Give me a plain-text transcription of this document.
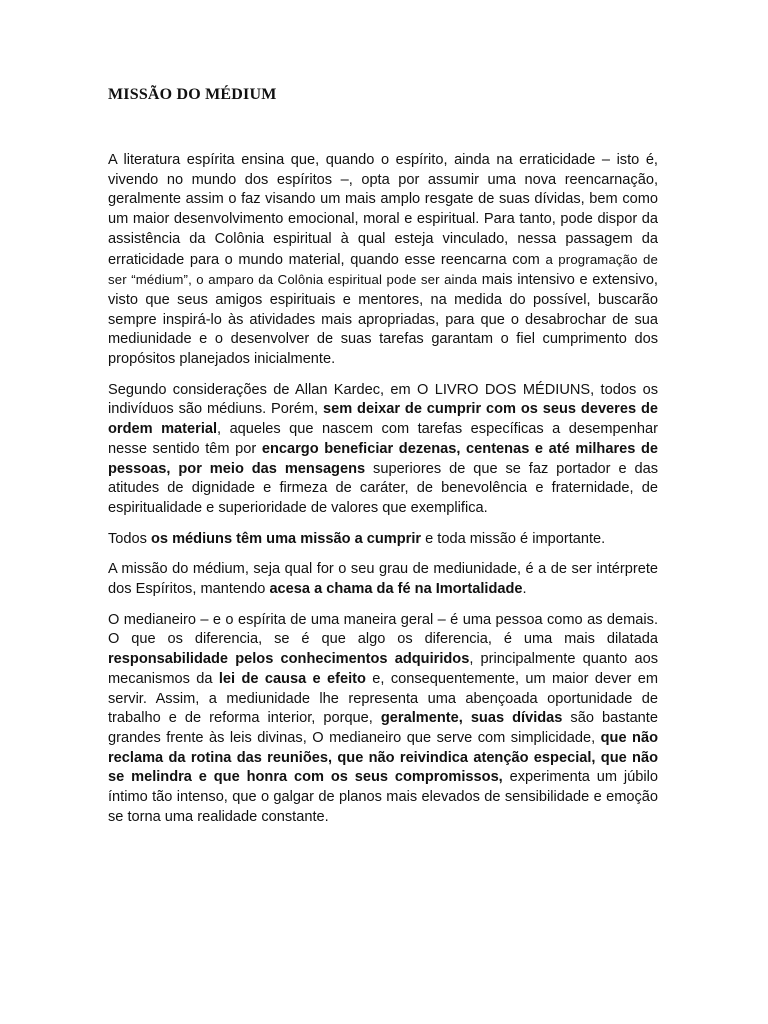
MISSÃO DO MÉDIUM

A literatura espírita ensina que, quando o espírito, ainda na erraticidade – isto é, vivendo no mundo dos espíritos –, opta por assumir uma nova reencarnação, geralmente assim o faz visando um mais amplo resgate de suas dívidas, bem como um maior desenvolvimento emocional, moral e espiritual. Para tanto, pode dispor da assistência da Colônia espiritual à qual esteja vinculado, nessa passagem da erraticidade para o mundo material, quando esse reencarna com a programação de ser “médium”, o amparo da Colônia espiritual pode ser ainda mais intensivo e extensivo, visto que seus amigos espirituais e mentores, na medida do possível, buscarão sempre inspirá-lo às atividades mais apropriadas, para que o desabrochar de sua mediunidade e o desenvolver de suas tarefas garantam o fiel cumprimento dos propósitos planejados inicialmente.

Segundo considerações de Allan Kardec, em O LIVRO DOS MÉDIUNS, todos os indivíduos são médiuns. Porém, sem deixar de cumprir com os seus deveres de ordem material, aqueles que nascem com tarefas específicas a desempenhar nesse sentido têm por encargo beneficiar dezenas, centenas e até milhares de pessoas, por meio das mensagens superiores de que se faz portador e das atitudes de dignidade e firmeza de caráter, de benevolência e fraternidade, de espiritualidade e superioridade de valores que exemplifica.

Todos os médiuns têm uma missão a cumprir e toda missão é importante.

A missão do médium, seja qual for o seu grau de mediunidade, é a de ser intérprete dos Espíritos, mantendo acesa a chama da fé na Imortalidade.

O medianeiro – e o espírita de uma maneira geral – é uma pessoa como as demais. O que os diferencia, se é que algo os diferencia, é uma mais dilatada responsabilidade pelos conhecimentos adquiridos, principalmente quanto aos mecanismos da lei de causa e efeito e, consequentemente, um maior dever em servir. Assim, a mediunidade lhe representa uma abençoada oportunidade de trabalho e de reforma interior, porque, geralmente, suas dívidas são bastante grandes frente às leis divinas, O medianeiro que serve com simplicidade, que não reclama da rotina das reuniões, que não reivindica atenção especial, que não se melindra e que honra com os seus compromissos, experimenta um júbilo íntimo tão intenso, que o galgar de planos mais elevados de sensibilidade e emoção se torna uma realidade constante.
